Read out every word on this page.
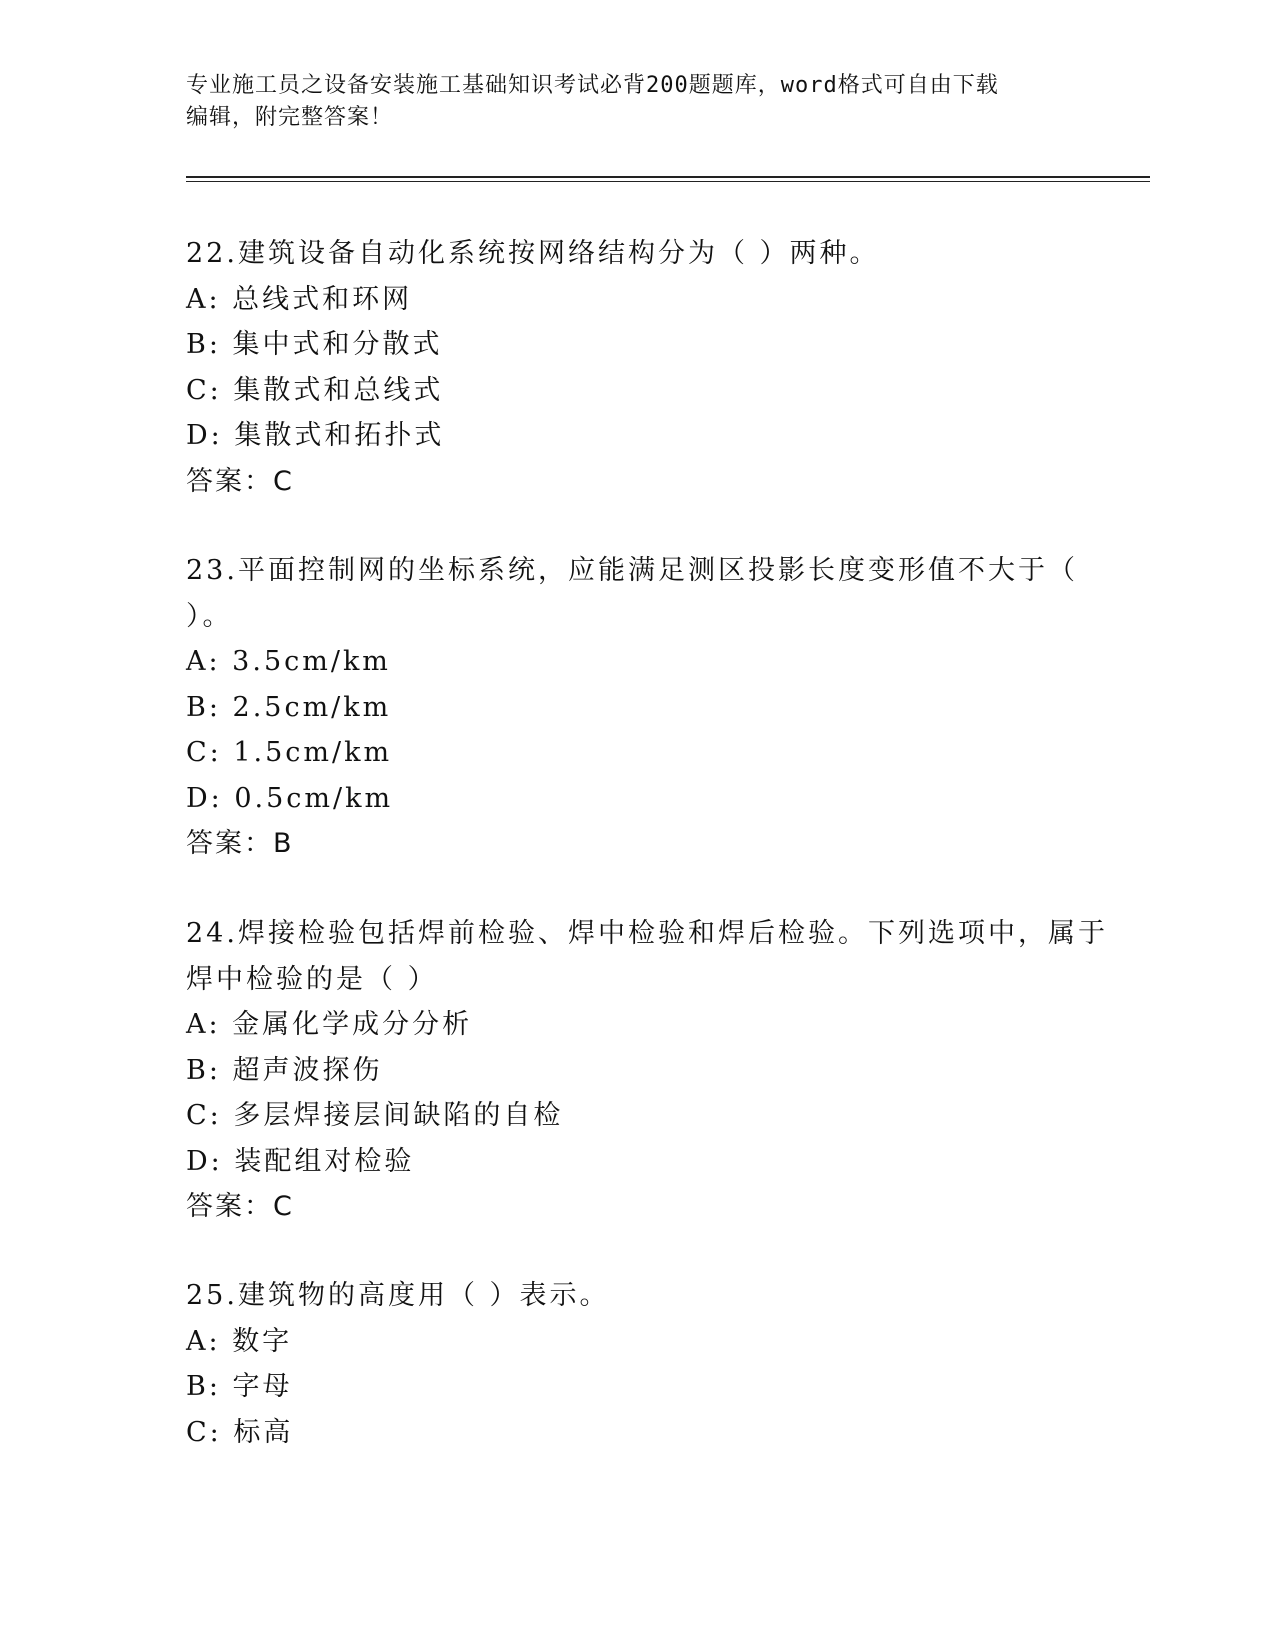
专业施工员之设备安装施工基础知识考试必背200题题库，word格式可自由下载
编辑，附完整答案！
22.建筑设备自动化系统按网络结构分为（ ）两种。
A: 总线式和环网
B: 集中式和分散式
C: 集散式和总线式
D: 集散式和拓扑式
答案：C
23.平面控制网的坐标系统，应能满足测区投影长度变形值不大于（
）。
A: 3.5cm/km
B: 2.5cm/km
C: 1.5cm/km
D: 0.5cm/km
答案：B
24.焊接检验包括焊前检验、焊中检验和焊后检验。下列选项中，属于
焊中检验的是（ ）
A: 金属化学成分分析
B: 超声波探伤
C: 多层焊接层间缺陷的自检
D: 装配组对检验
答案：C
25.建筑物的高度用（ ）表示。
A: 数字
B: 字母
C: 标高
